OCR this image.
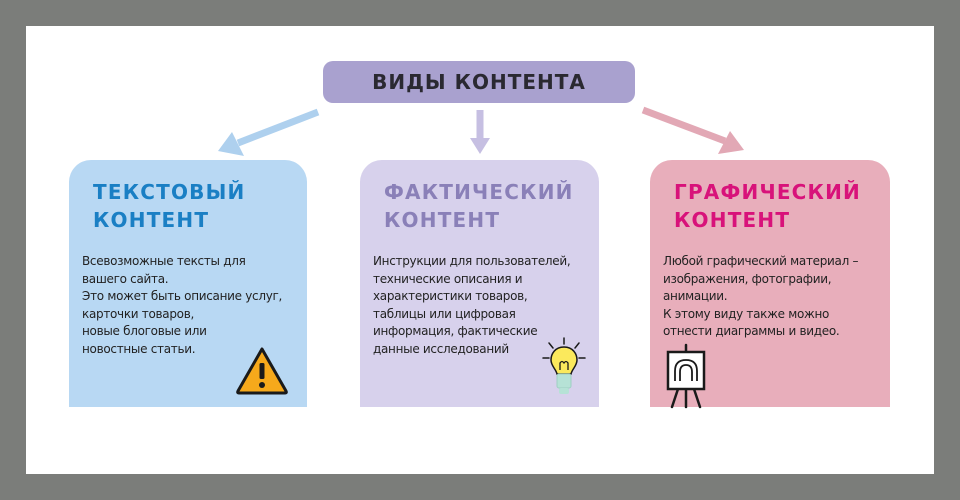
ВИДЫ КОНТЕНТА
ТЕКСТОВЫЙ
КОНТЕНТ
Всевозможные тексты для
вашего сайта.
Это может быть описание услуг,
карточки товаров,
новые блоговые или
новостные статьи.
ФАКТИЧЕСКИЙ
КОНТЕНТ
Инструкции для пользователей,
технические описания и
характеристики товаров,
таблицы или цифровая
информация, фактические
данные исследований
ГРАФИЧЕСКИЙ
КОНТЕНТ
Любой графический материал –
изображения, фотографии,
анимации.
К этому виду также можно
отнести диаграммы и видео.
